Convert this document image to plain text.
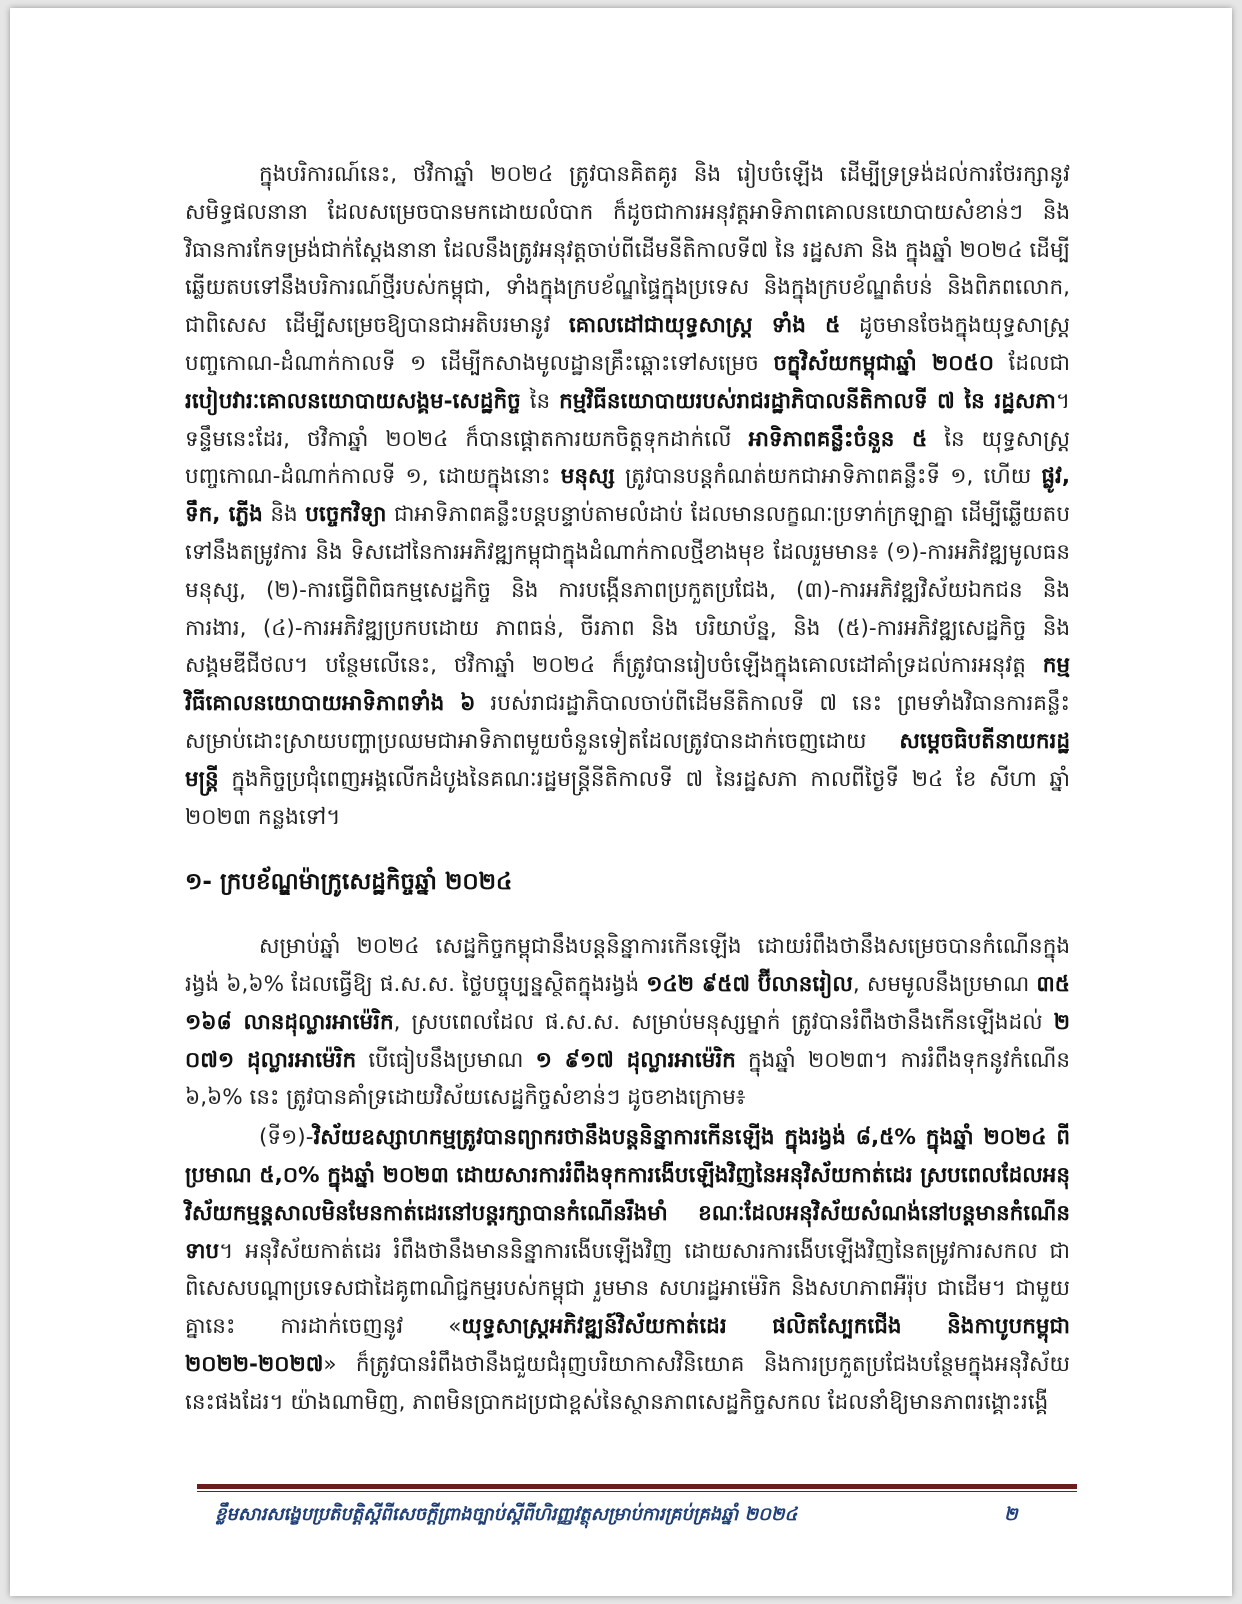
ក្នុងបរិការណ៍នេះ, ថវិកាឆ្នាំ ២០២៤ ត្រូវបានគិតគូរ និង រៀបចំឡើង ដើម្បីទ្រទ្រង់ដល់ការថែរក្សានូវសមិទ្ធផលនានា ដែលសម្រេចបានមកដោយលំបាក ក៏ដូចជាការអនុវត្តអាទិភាពគោលនយោបាយសំខាន់ៗ និងវិធានការកែទម្រង់ជាក់ស្តែងនានា ដែលនឹងត្រូវអនុវត្តចាប់ពីដើមនីតិកាលទី៧ នៃ រដ្ឋសភា និង ក្នុងឆ្នាំ ២០២៤ ដើម្បីឆ្លើយតបទៅនឹងបរិការណ៍ថ្មីរបស់កម្ពុជា, ទាំងក្នុងក្របខ័ណ្ឌផ្ទៃក្នុងប្រទេស និងក្នុងក្របខ័ណ្ឌតំបន់ និងពិភពលោក, ជាពិសេស ដើម្បីសម្រេចឱ្យបានជាអតិបរមានូវ គោលដៅជាយុទ្ធសាស្ត្រ ទាំង ៥ ដូចមានចែងក្នុងយុទ្ធសាស្ត្របញ្ចកោណ-ដំណាក់កាលទី ១ ដើម្បីកសាងមូលដ្ឋានគ្រឹះឆ្ពោះទៅសម្រេច ចក្ខុវិស័យកម្ពុជាឆ្នាំ ២០៥០ ដែលជា របៀបវារៈគោលនយោបាយសង្គម-សេដ្ឋកិច្ច នៃ កម្មវិធីនយោបាយរបស់រាជរដ្ឋាភិបាលនីតិកាលទី ៧ នៃ រដ្ឋសភា។ ទន្ទឹមនេះដែរ, ថវិកាឆ្នាំ ២០២៤ ក៏បានផ្តោតការយកចិត្តទុកដាក់លើ អាទិភាពគន្លឹះចំនួន ៥ នៃ យុទ្ធសាស្ត្របញ្ចកោណ-ដំណាក់កាលទី ១, ដោយក្នុងនោះ មនុស្ស ត្រូវបានបន្តកំណត់យកជាអាទិភាពគន្លឹះទី ១, ហើយ ផ្លូវ, ទឹក, ភ្លើង និង បច្ចេកវិទ្យា ជាអាទិភាពគន្លឹះបន្តបន្ទាប់តាមលំដាប់ ដែលមានលក្ខណៈប្រទាក់ក្រឡាគ្នា ដើម្បីឆ្លើយតបទៅនឹងតម្រូវការ និង ទិសដៅនៃការអភិវឌ្ឍកម្ពុជាក្នុងដំណាក់កាលថ្មីខាងមុខ ដែលរួមមាន៖ (១)-ការអភិវឌ្ឍមូលធនមនុស្ស, (២)-ការធ្វើពិពិធកម្មសេដ្ឋកិច្ច និង ការបង្កើនភាពប្រកួតប្រជែង, (៣)-ការអភិវឌ្ឍវិស័យឯកជន និង ការងារ, (៤)-ការអភិវឌ្ឍប្រកបដោយ ភាពធន់, ចីរភាព និង បរិយាប័ន្ន, និង (៥)-ការអភិវឌ្ឍសេដ្ឋកិច្ច និង សង្គមឌីជីថល។ បន្ថែមលើនេះ, ថវិកាឆ្នាំ ២០២៤ ក៏ត្រូវបានរៀបចំឡើងក្នុងគោលដៅគាំទ្រដល់ការអនុវត្ត កម្មវិធីគោលនយោបាយអាទិភាពទាំង ៦ របស់រាជរដ្ឋាភិបាលចាប់ពីដើមនីតិកាលទី ៧ នេះ ព្រមទាំងវិធានការគន្លឹះសម្រាប់ដោះស្រាយបញ្ហាប្រឈមជាអាទិភាពមួយចំនួនទៀតដែលត្រូវបានដាក់ចេញដោយ សម្តេចធិបតីនាយករដ្ឋមន្ត្រី ក្នុងកិច្ចប្រជុំពេញអង្គលើកដំបូងនៃគណៈរដ្ឋមន្ត្រីនីតិកាលទី ៧ នៃរដ្ឋសភា កាលពីថ្ងៃទី ២៤ ខែ សីហា ឆ្នាំ ២០២៣ កន្លងទៅ។

១- ក្របខ័ណ្ឌម៉ាក្រូសេដ្ឋកិច្ចឆ្នាំ ២០២៤

សម្រាប់ឆ្នាំ ២០២៤ សេដ្ឋកិច្ចកម្ពុជានឹងបន្តនិន្នាការកើនឡើង ដោយរំពឹងថានឹងសម្រេចបានកំណើនក្នុងរង្វង់ ៦,៦% ដែលធ្វើឱ្យ ផ.ស.ស. ថ្លៃបច្ចុប្បន្នស្ថិតក្នុងរង្វង់ ១៤២ ៩៥៧ ប៊ីលានរៀល, សមមូលនឹងប្រមាណ ៣៥ ១៦៨ លានដុល្លារអាម៉េរិក, ស្របពេលដែល ផ.ស.ស. សម្រាប់មនុស្សម្នាក់ ត្រូវបានរំពឹងថានឹងកើនឡើងដល់ ២ ០៧១ ដុល្លារអាម៉េរិក បើធៀបនឹងប្រមាណ ១ ៩១៧ ដុល្លារអាម៉េរិក ក្នុងឆ្នាំ ២០២៣។ ការរំពឹងទុកនូវកំណើន ៦,៦% នេះ ត្រូវបានគាំទ្រដោយវិស័យសេដ្ឋកិច្ចសំខាន់ៗ ដូចខាងក្រោម៖

(ទី១)-វិស័យឧស្សាហកម្មត្រូវបានព្យាករថានឹងបន្តនិន្នាការកើនឡើង ក្នុងរង្វង់ ៨,៥% ក្នុងឆ្នាំ ២០២៤ ពីប្រមាណ ៥,០% ក្នុងឆ្នាំ ២០២៣ ដោយសារការរំពឹងទុកការងើបឡើងវិញនៃអនុវិស័យកាត់ដេរ ស្របពេលដែលអនុវិស័យកម្មន្តសាលមិនមែនកាត់ដេរនៅបន្តរក្សាបានកំណើនរឹងមាំ ខណៈដែលអនុវិស័យសំណង់នៅបន្តមានកំណើនទាប។ អនុវិស័យកាត់ដេរ រំពឹងថានឹងមាននិន្នាការងើបឡើងវិញ ដោយសារការងើបឡើងវិញនៃតម្រូវការសកល ជាពិសេសបណ្តាប្រទេសជាដៃគូពាណិជ្ជកម្មរបស់កម្ពុជា រួមមាន សហរដ្ឋអាម៉េរិក និងសហភាពអឺរ៉ុប ជាដើម។ ជាមួយគ្នានេះ ការដាក់ចេញនូវ «យុទ្ធសាស្ត្រអភិវឌ្ឍន៍វិស័យកាត់ដេរ ផលិតស្បែកជើង និងកាបូបកម្ពុជា ២០២២-២០២៧» ក៏ត្រូវបានរំពឹងថានឹងជួយជំរុញបរិយាកាសវិនិយោគ និងការប្រកួតប្រជែងបន្ថែមក្នុងអនុវិស័យនេះផងដែរ។ យ៉ាងណាមិញ, ភាពមិនប្រាកដប្រជាខ្ពស់នៃស្ថានភាពសេដ្ឋកិច្ចសកល ដែលនាំឱ្យមានភាពរង្គោះរង្គើ

ខ្លឹមសារសង្ខេបប្រតិបត្តិស្តីពីសេចក្តីព្រាងច្បាប់ស្តីពីហិរញ្ញវត្ថុសម្រាប់ការគ្រប់គ្រងឆ្នាំ ២០២៤	២
